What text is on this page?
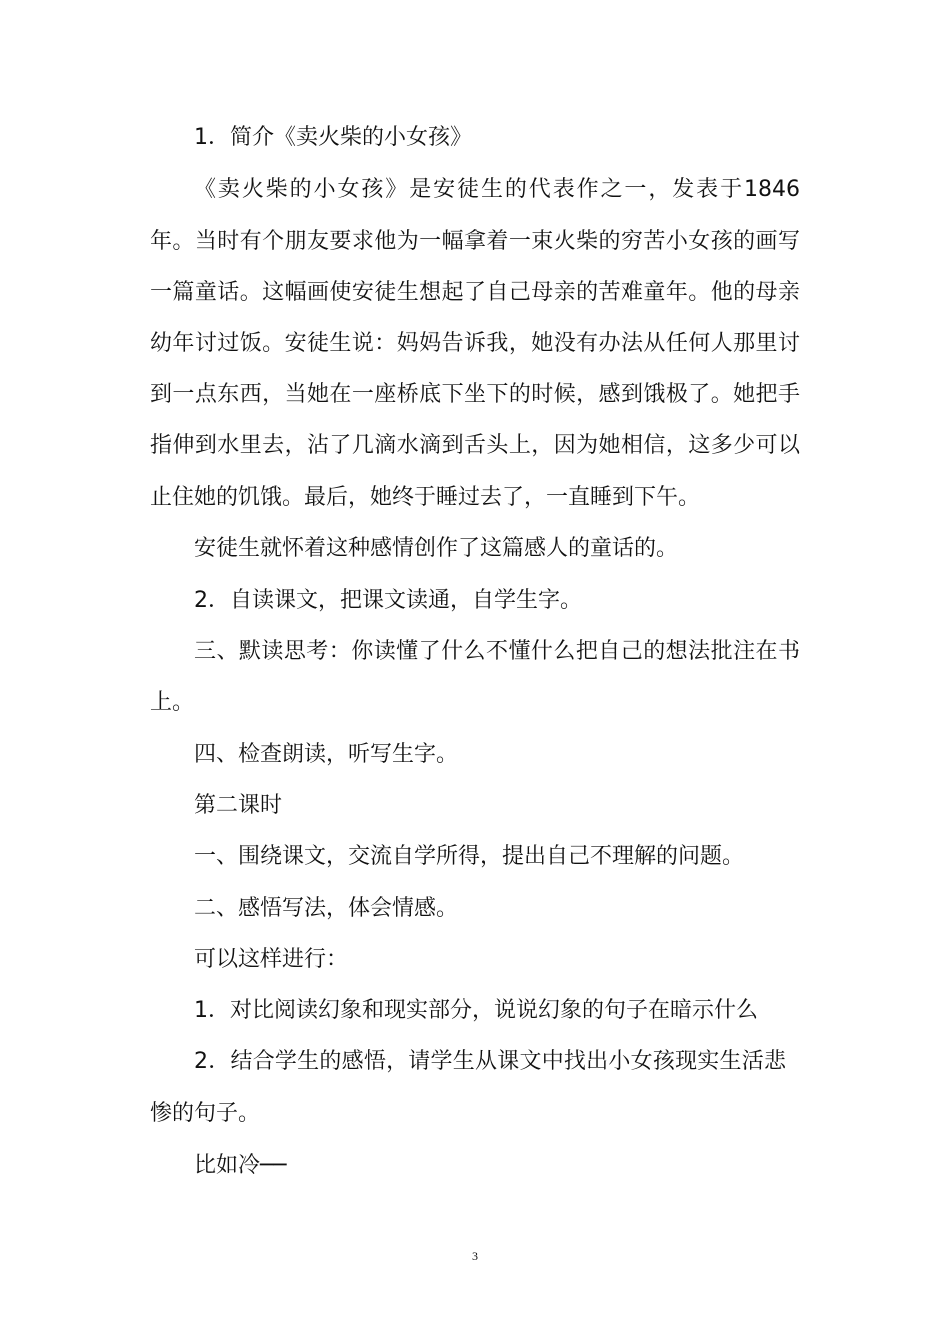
1．简介《卖火柴的小女孩》
《卖火柴的小女孩》是安徒生的代表作之一，发表于1846
年。当时有个朋友要求他为一幅拿着一束火柴的穷苦小女孩的画写
一篇童话。这幅画使安徒生想起了自己母亲的苦难童年。他的母亲
幼年讨过饭。安徒生说：妈妈告诉我，她没有办法从任何人那里讨
到一点东西，当她在一座桥底下坐下的时候，感到饿极了。她把手
指伸到水里去，沾了几滴水滴到舌头上，因为她相信，这多少可以
止住她的饥饿。最后，她终于睡过去了，一直睡到下午。
安徒生就怀着这种感情创作了这篇感人的童话的。
2．自读课文，把课文读通，自学生字。
三、默读思考：你读懂了什么不懂什么把自己的想法批注在书
上。
四、检查朗读，听写生字。
第二课时
一、围绕课文，交流自学所得，提出自己不理解的问题。
二、感悟写法，体会情感。
可以这样进行：
1．对比阅读幻象和现实部分，说说幻象的句子在暗示什么
2．结合学生的感悟，请学生从课文中找出小女孩现实生活悲
惨的句子。
比如冷──
3
